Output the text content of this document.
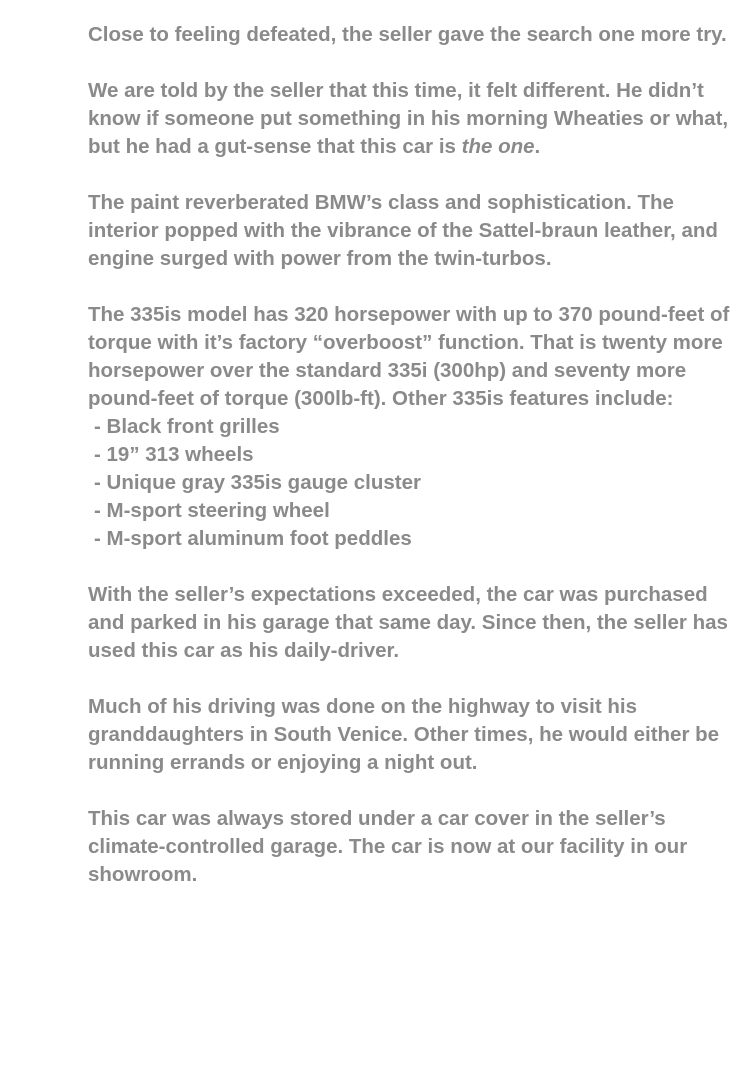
Close to feeling defeated, the seller gave the search one more try.

We are told by the seller that this time, it felt different. He didn’t know if someone put something in his morning Wheaties or what, but he had a gut-sense that this car is the one.

The paint reverberated BMW’s class and sophistication. The interior popped with the vibrance of the Sattel-braun leather, and engine surged with power from the twin-turbos.

The 335is model has 320 horsepower with up to 370 pound-feet of torque with it’s factory “overboost” function. That is twenty more horsepower over the standard 335i (300hp) and seventy more pound-feet of torque (300lb-ft). Other 335is features include:
- Black front grilles
- 19” 313 wheels
- Unique gray 335is gauge cluster
- M-sport steering wheel
- M-sport aluminum foot peddles

With the seller’s expectations exceeded, the car was purchased and parked in his garage that same day. Since then, the seller has used this car as his daily-driver.

Much of his driving was done on the highway to visit his granddaughters in South Venice. Other times, he would either be running errands or enjoying a night out.

This car was always stored under a car cover in the seller’s climate-controlled garage. The car is now at our facility in our showroom.
